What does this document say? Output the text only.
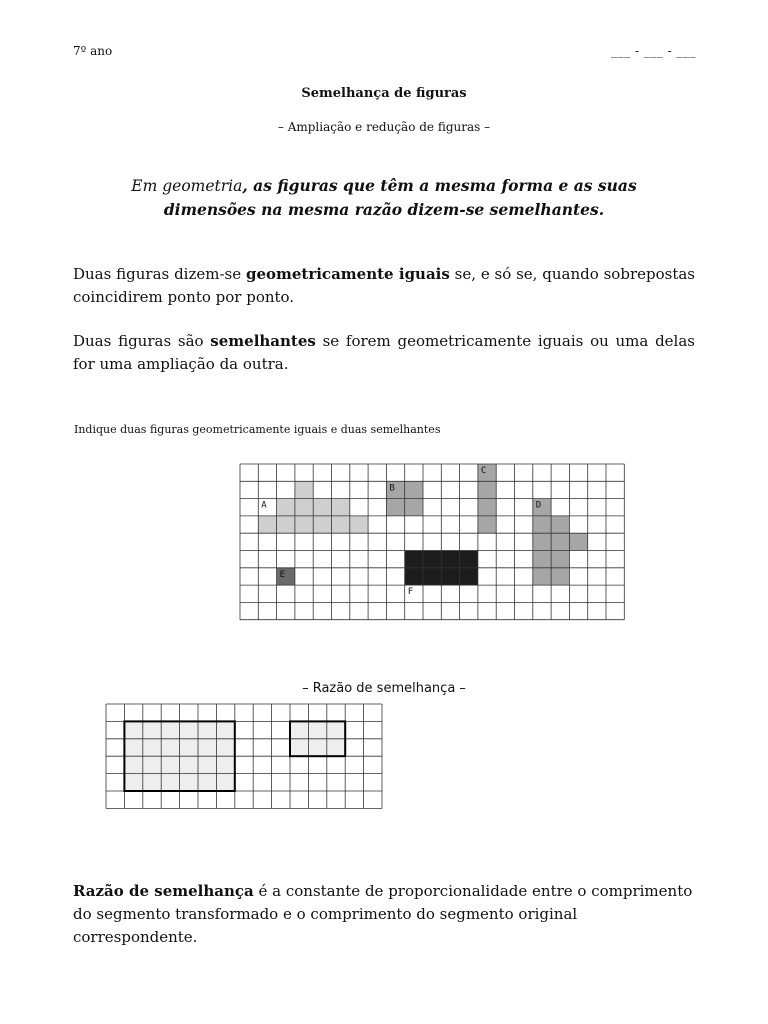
7º ano	___ - ___ - ___
Semelhança de figuras
– Ampliação e redução de figuras –
Em geometria, as figuras que têm a mesma forma e as suas dimensões na mesma razão dizem-se semelhantes.
Duas figuras dizem-se geometricamente iguais se, e só se, quando sobrepostas coincidirem ponto por ponto.
Duas figuras são semelhantes se forem geometricamente iguais ou uma delas for uma ampliação da outra.
Indique duas figuras geometricamente iguais e duas semelhantes
A
B
C
D
E
F
– Razão de semelhança –
Razão de semelhança é a constante de proporcionalidade entre o comprimento do segmento transformado e o comprimento do segmento original correspondente.
